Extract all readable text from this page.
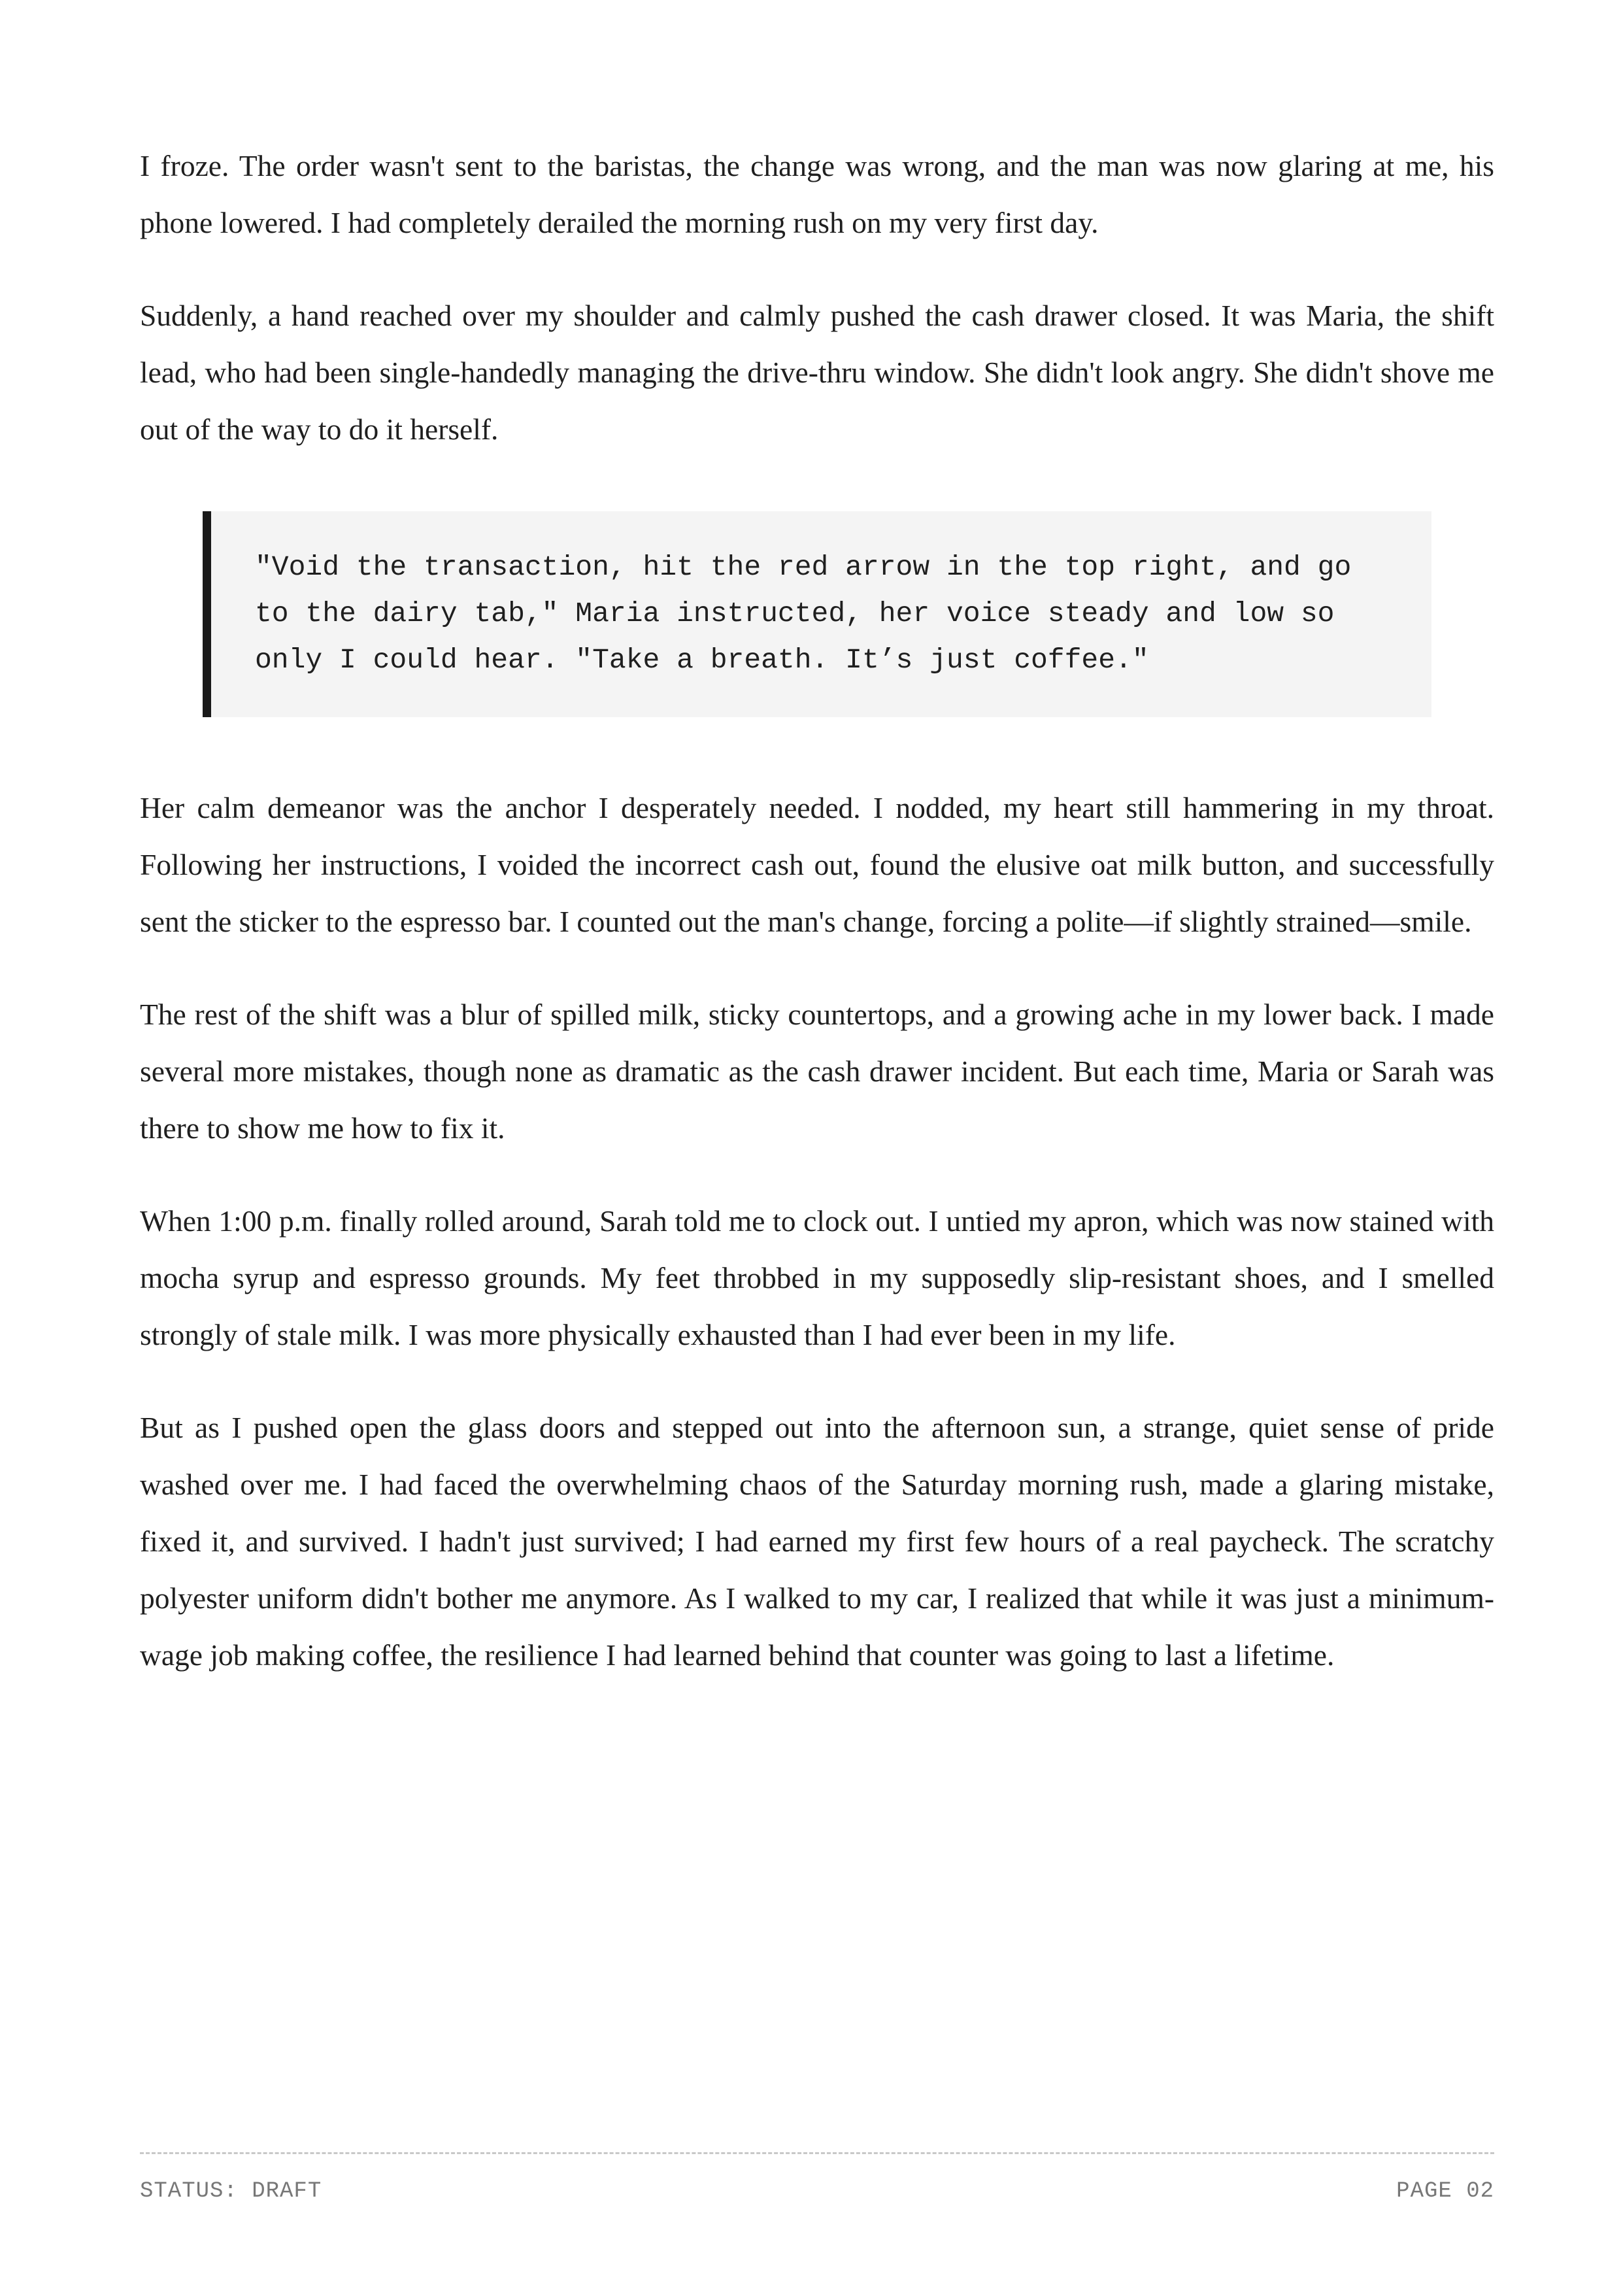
I froze. The order wasn't sent to the baristas, the change was wrong, and the man was now glaring at me, his phone lowered. I had completely derailed the morning rush on my very first day.

Suddenly, a hand reached over my shoulder and calmly pushed the cash drawer closed. It was Maria, the shift lead, who had been single-handedly managing the drive-thru window. She didn't look angry. She didn't shove me out of the way to do it herself.

"Void the transaction, hit the red arrow in the top right, and go to the dairy tab," Maria instructed, her voice steady and low so only I could hear. "Take a breath. It’s just coffee."

Her calm demeanor was the anchor I desperately needed. I nodded, my heart still hammering in my throat. Following her instructions, I voided the incorrect cash out, found the elusive oat milk button, and successfully sent the sticker to the espresso bar. I counted out the man's change, forcing a polite—if slightly strained—smile.

The rest of the shift was a blur of spilled milk, sticky countertops, and a growing ache in my lower back. I made several more mistakes, though none as dramatic as the cash drawer incident. But each time, Maria or Sarah was there to show me how to fix it.

When 1:00 p.m. finally rolled around, Sarah told me to clock out. I untied my apron, which was now stained with mocha syrup and espresso grounds. My feet throbbed in my supposedly slip-resistant shoes, and I smelled strongly of stale milk. I was more physically exhausted than I had ever been in my life.

But as I pushed open the glass doors and stepped out into the afternoon sun, a strange, quiet sense of pride washed over me. I had faced the overwhelming chaos of the Saturday morning rush, made a glaring mistake, fixed it, and survived. I hadn't just survived; I had earned my first few hours of a real paycheck. The scratchy polyester uniform didn't bother me anymore. As I walked to my car, I realized that while it was just a minimum-wage job making coffee, the resilience I had learned behind that counter was going to last a lifetime.

STATUS: DRAFT	PAGE 02
